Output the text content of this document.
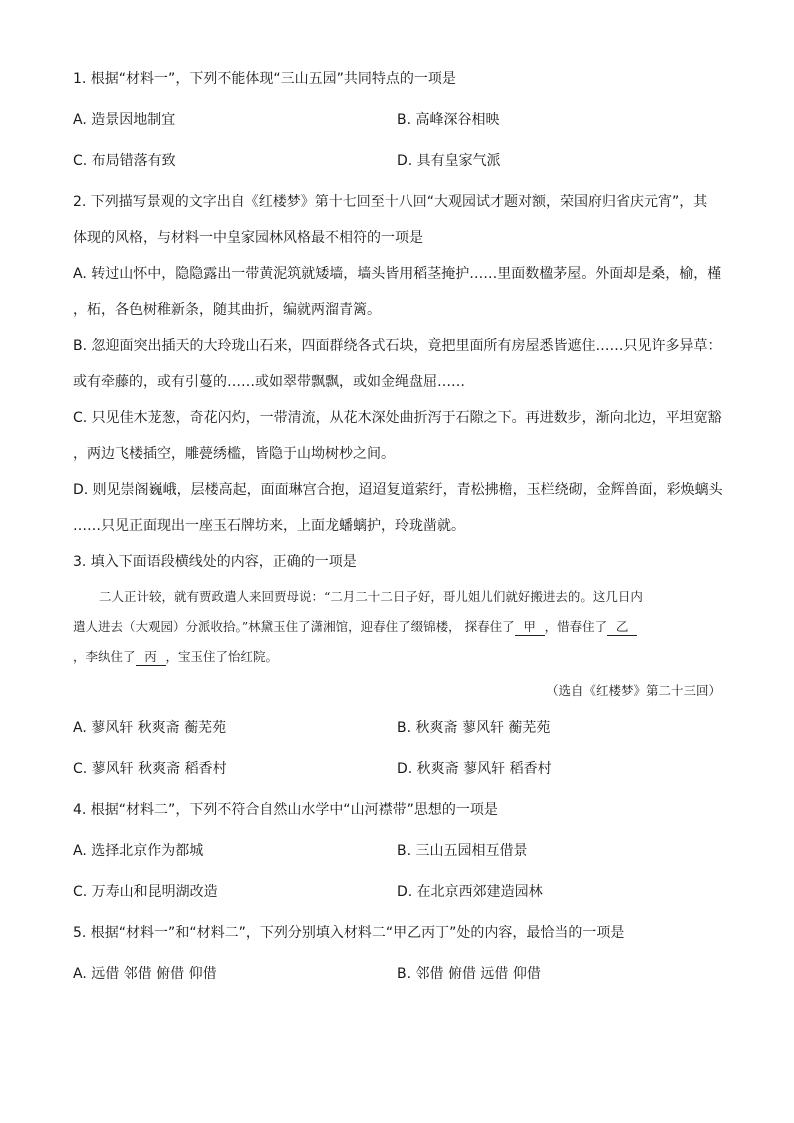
1. 根据“材料一”，下列不能体现“三山五园”共同特点的一项是
A. 造景因地制宜	B. 高峰深谷相映
C. 布局错落有致	D. 具有皇家气派
2. 下列描写景观的文字出自《红楼梦》第十七回至十八回“大观园试才题对额，荣国府归省庆元宵”，其
体现的风格，与材料一中皇家园林风格最不相符的一项是
A. 转过山怀中，隐隐露出一带黄泥筑就矮墙，墙头皆用稻茎掩护……里面数楹茅屋。外面却是桑，榆，槿
，柘，各色树稚新条，随其曲折，编就两溜青篱。
B. 忽迎面突出插天的大玲珑山石来，四面群绕各式石块，竟把里面所有房屋悉皆遮住……只见许多异草：
或有牵藤的，或有引蔓的……或如翠带飘飘，或如金绳盘屈……
C. 只见佳木茏葱，奇花闪灼，一带清流，从花木深处曲折泻于石隙之下。再进数步，渐向北边，平坦宽豁
，两边飞楼插空，雕甍绣槛，皆隐于山坳树杪之间。
D. 则见崇阁巍峨，层楼高起，面面琳宫合抱，迢迢复道萦纡，青松拂檐，玉栏绕砌，金辉兽面，彩焕螭头
……只见正面现出一座玉石牌坊来，上面龙蟠螭护，玲珑凿就。
3. 填入下面语段横线处的内容，正确的一项是
二人正计较，就有贾政遣人来回贾母说：“二月二十二日子好，哥儿姐儿们就好搬进去的。这几日内
遣人进去（大观园）分派收拾。”林黛玉住了潇湘馆，迎春住了缀锦楼， 探春住了 甲 ，惜春住了 乙
，李纨住了 丙 ，宝玉住了怡红院。
（选自《红楼梦》第二十三回）
A. 蓼风轩 秋爽斋 蘅芜苑	B. 秋爽斋 蓼风轩 蘅芜苑
C. 蓼风轩 秋爽斋 稻香村	D. 秋爽斋 蓼风轩 稻香村
4. 根据“材料二”，下列不符合自然山水学中“山河襟带”思想的一项是
A. 选择北京作为都城	B. 三山五园相互借景
C. 万寿山和昆明湖改造	D. 在北京西郊建造园林
5. 根据“材料一”和“材料二”，下列分别填入材料二“甲乙丙丁”处的内容，最恰当的一项是
A. 远借 邻借 俯借 仰借	B. 邻借 俯借 远借 仰借
